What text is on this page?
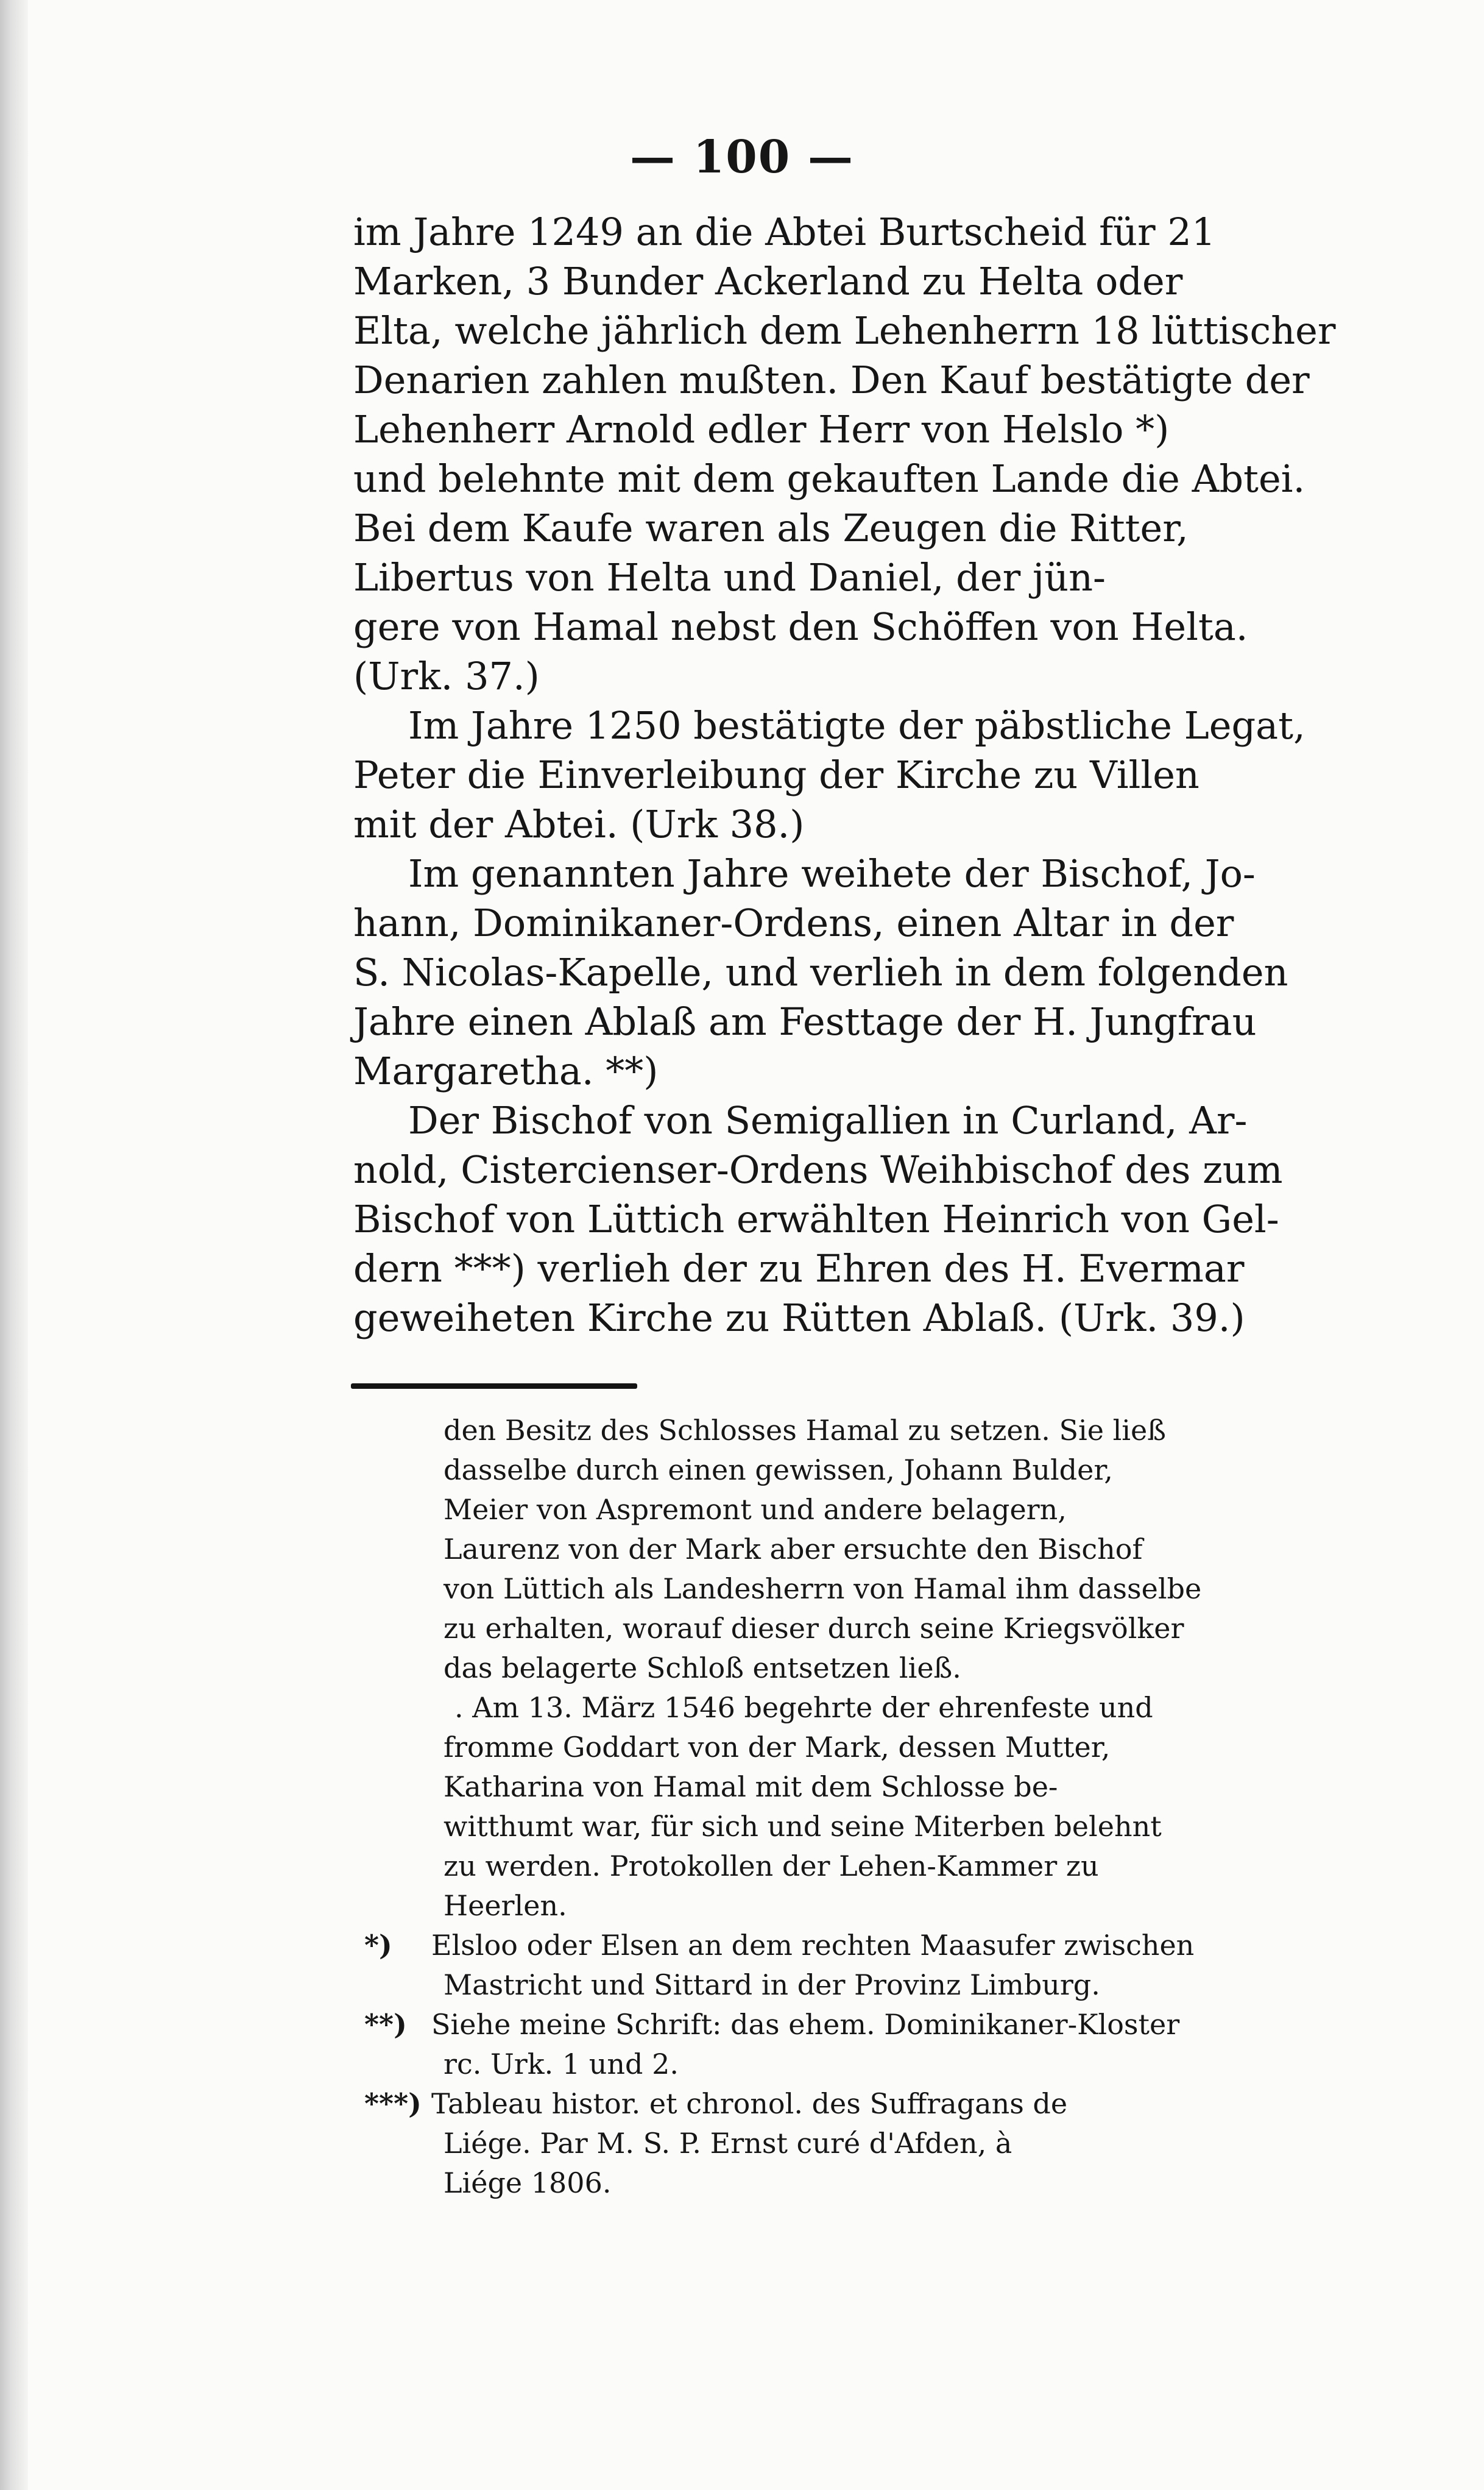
— 100 —

im Jahre 1249 an die Abtei Burtscheid für 21
Marken, 3 Bunder Ackerland zu Helta oder
Elta, welche jährlich dem Lehenherrn 18 lüttischer
Denarien zahlen mußten. Den Kauf bestätigte der
Lehenherr Arnold edler Herr von Helslo *)
und belehnte mit dem gekauften Lande die Abtei.
Bei dem Kaufe waren als Zeugen die Ritter,
Libertus von Helta und Daniel, der jün-
gere von Hamal nebst den Schöffen von Helta.
(Urk. 37.)

Im Jahre 1250 bestätigte der päbstliche Legat,
Peter die Einverleibung der Kirche zu Villen
mit der Abtei. (Urk 38.)

Im genannten Jahre weihete der Bischof, Jo-
hann, Dominikaner-Ordens, einen Altar in der
S. Nicolas-Kapelle, und verlieh in dem folgenden
Jahre einen Ablaß am Festtage der H. Jungfrau
Margaretha. **)

Der Bischof von Semigallien in Curland, Ar-
nold, Cistercienser-Ordens Weihbischof des zum
Bischof von Lüttich erwählten Heinrich von Gel-
dern ***) verlieh der zu Ehren des H. Evermar
geweiheten Kirche zu Rütten Ablaß. (Urk. 39.)

den Besitz des Schlosses Hamal zu setzen. Sie ließ
dasselbe durch einen gewissen, Johann Bulder,
Meier von Aspremont und andere belagern,
Laurenz von der Mark aber ersuchte den Bischof
von Lüttich als Landesherrn von Hamal ihm dasselbe
zu erhalten, worauf dieser durch seine Kriegsvölker
das belagerte Schloß entsetzen ließ.

. Am 13. März 1546 begehrte der ehrenfeste und
fromme Goddart von der Mark, dessen Mutter,
Katharina von Hamal mit dem Schlosse be-
witthumt war, für sich und seine Miterben belehnt
zu werden. Protokollen der Lehen-Kammer zu
Heerlen.

*) Elsloo oder Elsen an dem rechten Maasufer zwischen
Mastricht und Sittard in der Provinz Limburg.

**) Siehe meine Schrift: das ehem. Dominikaner-Kloster
rc. Urk. 1 und 2.

***) Tableau histor. et chronol. des Suffragans de
Liége. Par M. S. P. Ernst curé d'Afden, à
Liége 1806.
